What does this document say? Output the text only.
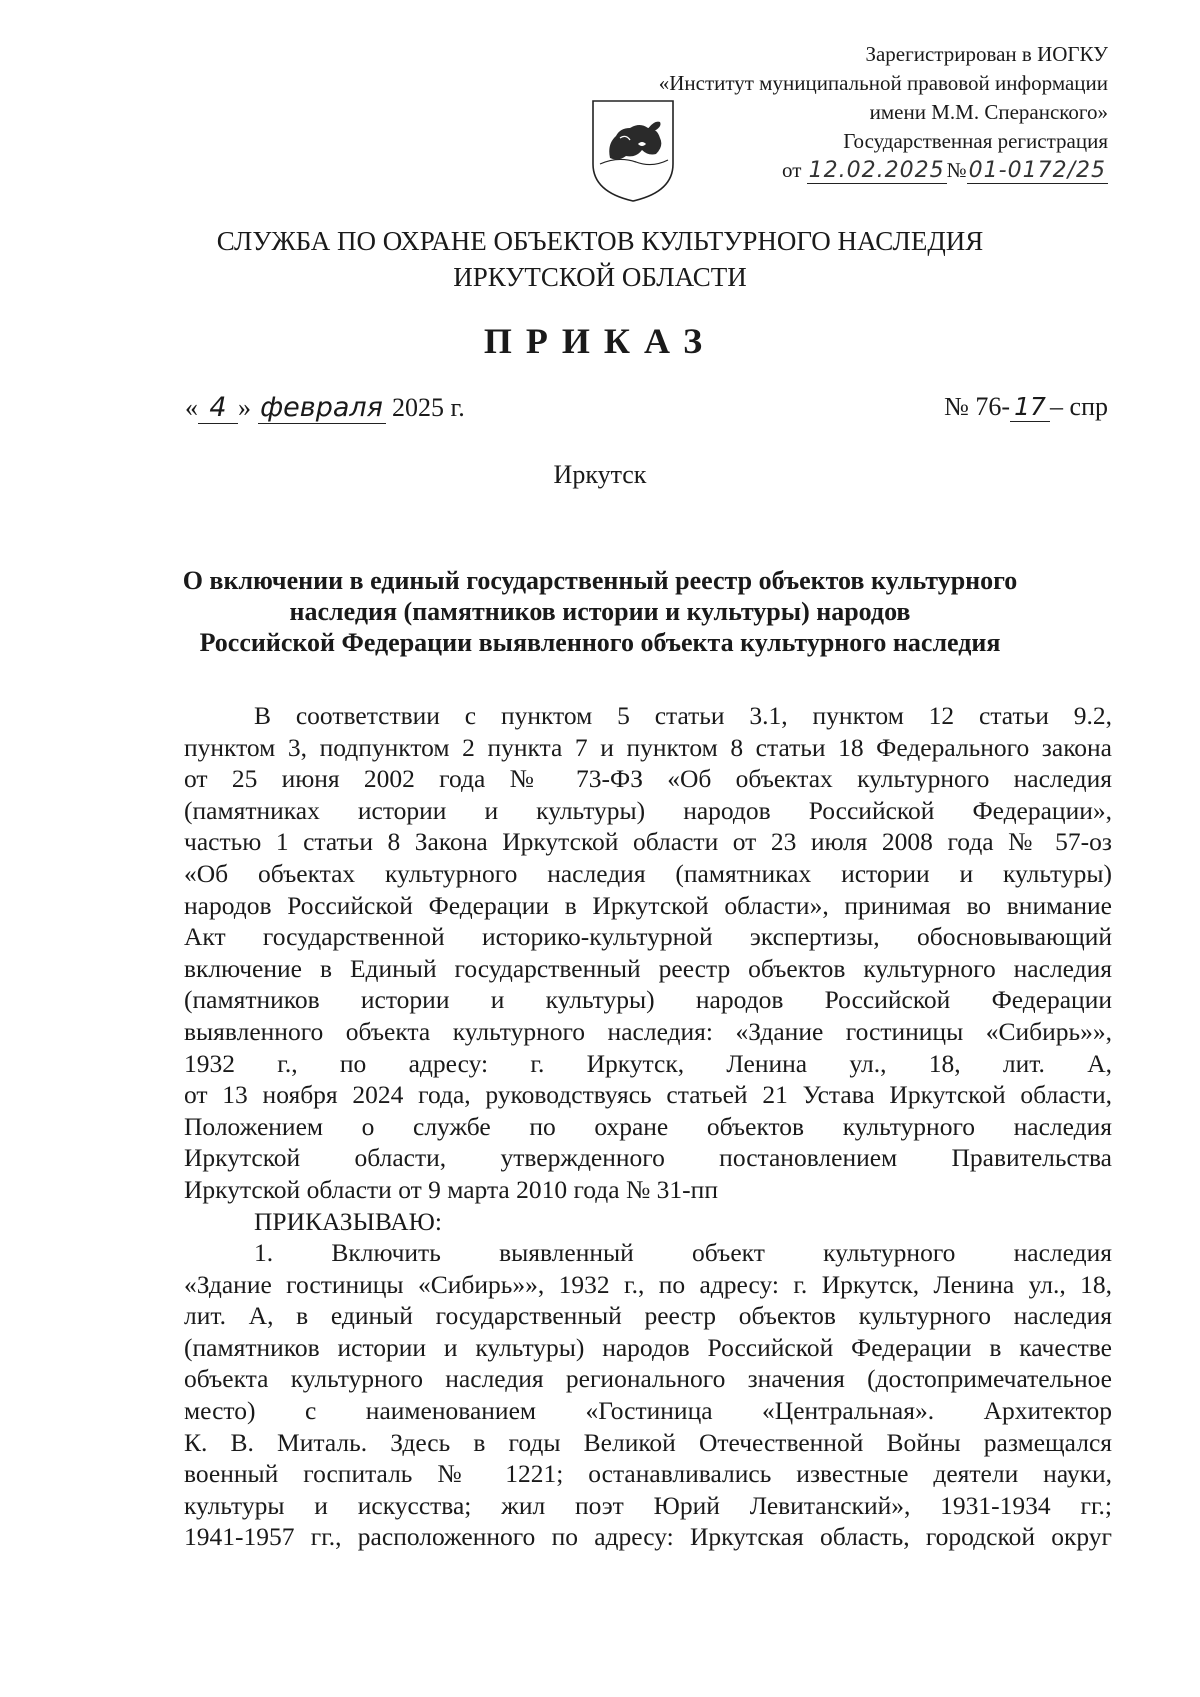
Зарегистрирован в ИОГКУ
«Институт муниципальной правовой информации
имени М.М. Сперанского»
Государственная регистрация
от 12.02.2025№01-0172/25
СЛУЖБА ПО ОХРАНЕ ОБЪЕКТОВ КУЛЬТУРНОГО НАСЛЕДИЯ
ИРКУТСКОЙ ОБЛАСТИ
ПРИКАЗ
« 4 » февраля 2025 г.	№ 76- 17 – спр
Иркутск
О включении в единый государственный реестр объектов культурного
наследия (памятников истории и культуры) народов
Российской Федерации выявленного объекта культурного наследия
В соответствии с пунктом 5 статьи 3.1, пунктом 12 статьи 9.2,
пунктом 3, подпунктом 2 пункта 7 и пунктом 8 статьи 18 Федерального закона
от 25 июня 2002 года № 73-ФЗ «Об объектах культурного наследия
(памятниках истории и культуры) народов Российской Федерации»,
частью 1 статьи 8 Закона Иркутской области от 23 июля 2008 года № 57-оз
«Об объектах культурного наследия (памятниках истории и культуры)
народов Российской Федерации в Иркутской области», принимая во внимание
Акт государственной историко-культурной экспертизы, обосновывающий
включение в Единый государственный реестр объектов культурного наследия
(памятников истории и культуры) народов Российской Федерации
выявленного объекта культурного наследия: «Здание гостиницы «Сибирь»»,
1932 г., по адресу: г. Иркутск, Ленина ул., 18, лит. А,
от 13 ноября 2024 года, руководствуясь статьей 21 Устава Иркутской области,
Положением о службе по охране объектов культурного наследия
Иркутской области, утвержденного постановлением Правительства
Иркутской области от 9 марта 2010 года № 31-пп
ПРИКАЗЫВАЮ:
1. Включить выявленный объект культурного наследия
«Здание гостиницы «Сибирь»», 1932 г., по адресу: г. Иркутск, Ленина ул., 18,
лит. А, в единый государственный реестр объектов культурного наследия
(памятников истории и культуры) народов Российской Федерации в качестве
объекта культурного наследия регионального значения (достопримечательное
место) с наименованием «Гостиница «Центральная». Архитектор
К. В. Миталь. Здесь в годы Великой Отечественной Войны размещался
военный госпиталь № 1221; останавливались известные деятели науки,
культуры и искусства; жил поэт Юрий Левитанский», 1931-1934 гг.;
1941-1957 гг., расположенного по адресу: Иркутская область, городской округ
